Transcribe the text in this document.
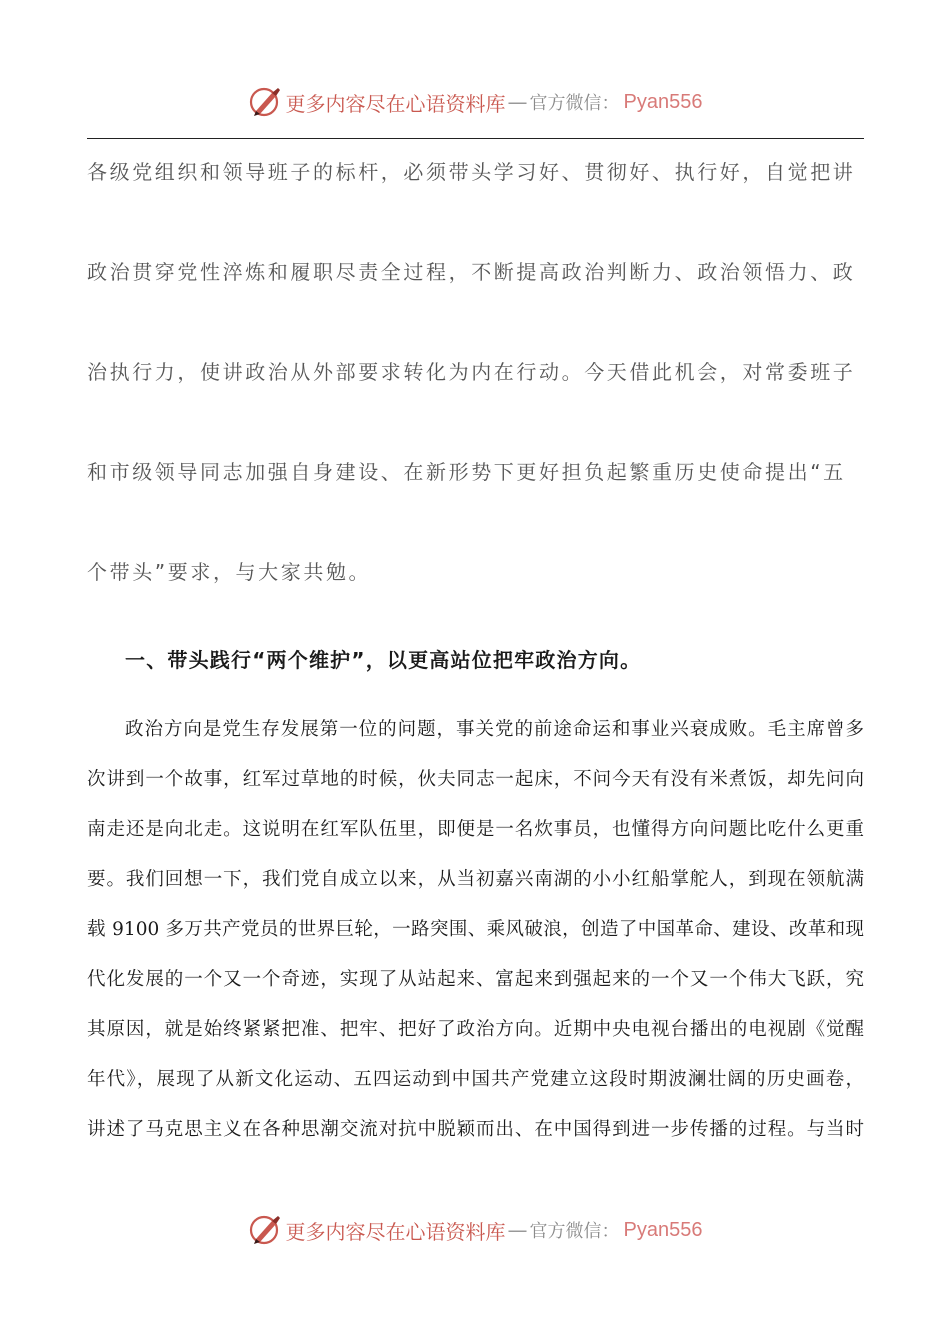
更多内容尽在心语资料库 — 官方微信： Pyan556
各级党组织和领导班子的标杆，必须带头学习好、贯彻好、执行好，自觉把讲
政治贯穿党性淬炼和履职尽责全过程，不断提高政治判断力、政治领悟力、政
治执行力，使讲政治从外部要求转化为内在行动。今天借此机会，对常委班子
和市级领导同志加强自身建设、在新形势下更好担负起繁重历史使命提出“五
个带头”要求，与大家共勉。
一、带头践行“两个维护”，以更高站位把牢政治方向。
政治方向是党生存发展第一位的问题，事关党的前途命运和事业兴衰成败。毛主席曾多
次讲到一个故事，红军过草地的时候，伙夫同志一起床，不问今天有没有米煮饭，却先问向
南走还是向北走。这说明在红军队伍里，即便是一名炊事员，也懂得方向问题比吃什么更重
要。我们回想一下，我们党自成立以来，从当初嘉兴南湖的小小红船掌舵人，到现在领航满
载 9100 多万共产党员的世界巨轮，一路突围、乘风破浪，创造了中国革命、建设、改革和现
代化发展的一个又一个奇迹，实现了从站起来、富起来到强起来的一个又一个伟大飞跃，究
其原因，就是始终紧紧把准、把牢、把好了政治方向。近期中央电视台播出的电视剧《觉醒
年代》，展现了从新文化运动、五四运动到中国共产党建立这段时期波澜壮阔的历史画卷，
讲述了马克思主义在各种思潮交流对抗中脱颖而出、在中国得到进一步传播的过程。与当时
更多内容尽在心语资料库 — 官方微信： Pyan556
